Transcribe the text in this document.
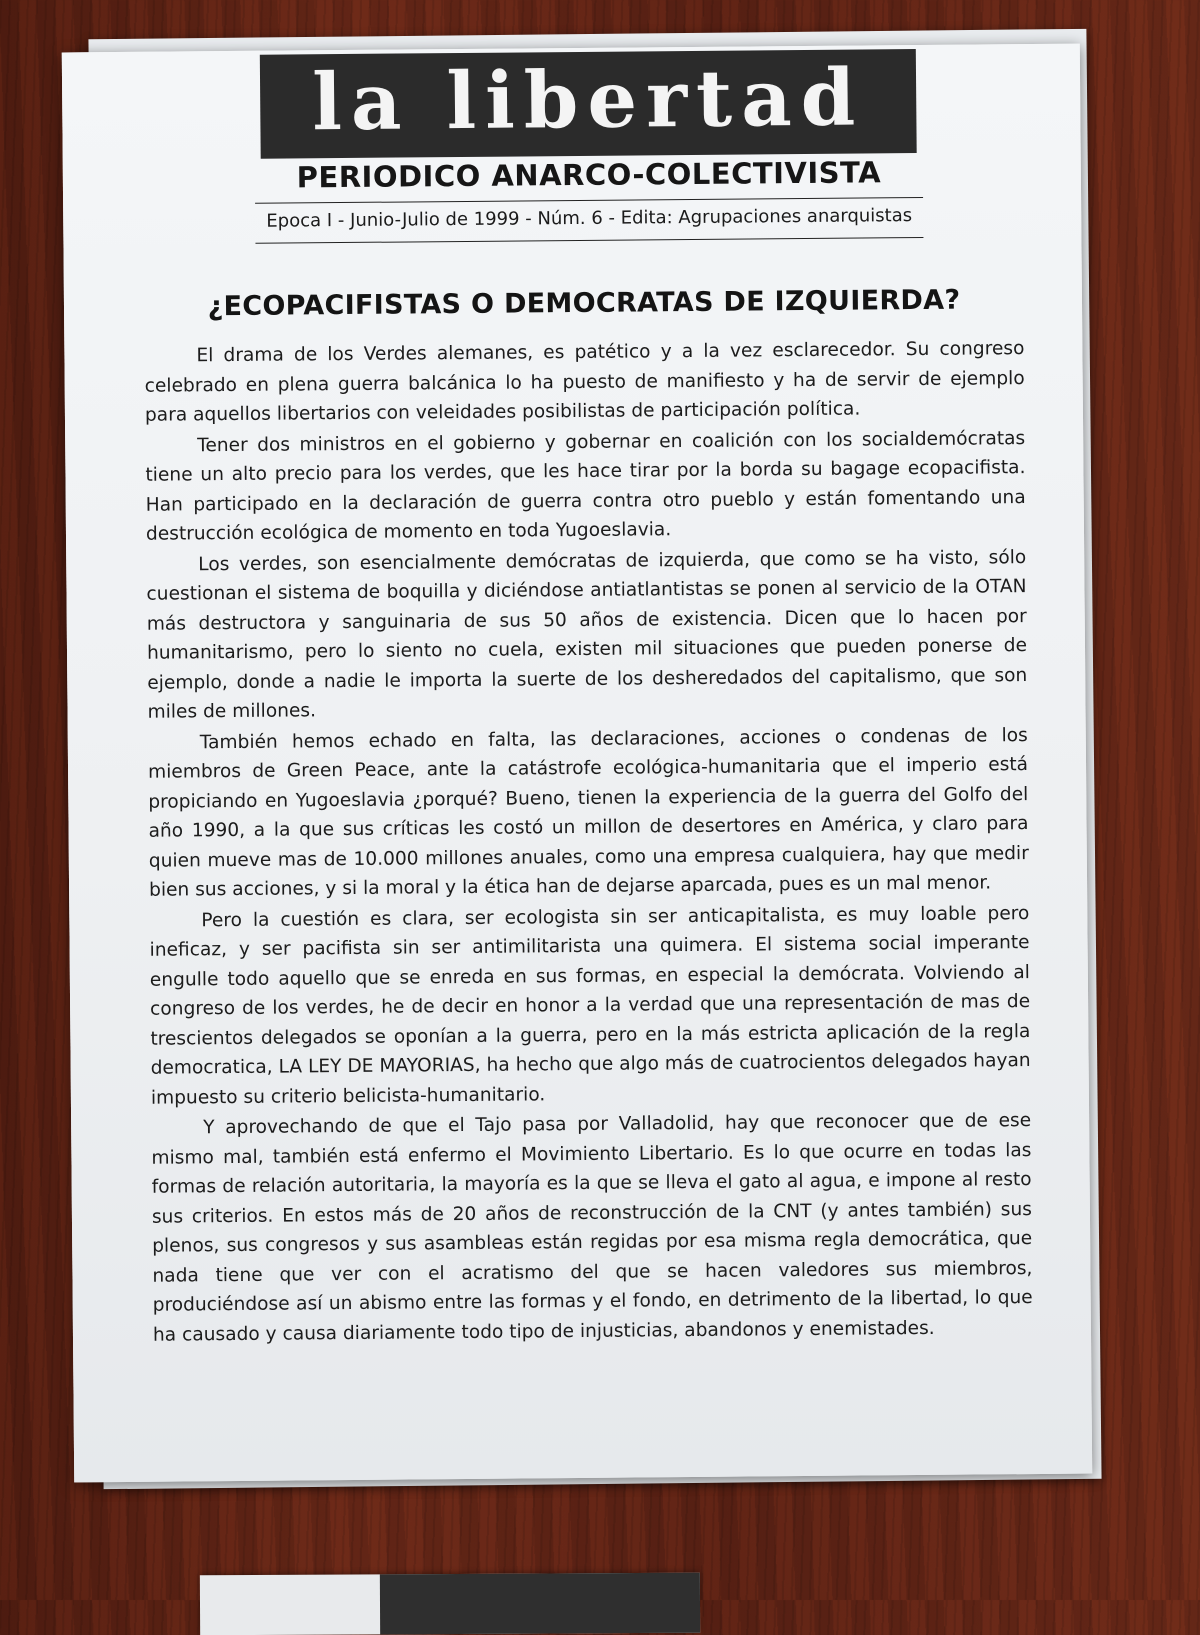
la libertad
PERIODICO ANARCO-COLECTIVISTA
Epoca I - Junio-Julio de 1999 - Núm. 6 - Edita: Agrupaciones anarquistas
¿ECOPACIFISTAS O DEMOCRATAS DE IZQUIERDA?

El drama de los Verdes alemanes, es patético y a la vez esclarecedor. Su congreso celebrado en plena guerra balcánica lo ha puesto de manifiesto y ha de servir de ejemplo para aquellos libertarios con veleidades posibilistas de participación política.

Tener dos ministros en el gobierno y gobernar en coalición con los socialdemócratas tiene un alto precio para los verdes, que les hace tirar por la borda su bagage ecopacifista. Han participado en la declaración de guerra contra otro pueblo y están fomentando una destrucción ecológica de momento en toda Yugoeslavia.

Los verdes, son esencialmente demócratas de izquierda, que como se ha visto, sólo cuestionan el sistema de boquilla y diciéndose antiatlantistas se ponen al servicio de la OTAN más destructora y sanguinaria de sus 50 años de existencia. Dicen que lo hacen por humanitarismo, pero lo siento no cuela, existen mil situaciones que pueden ponerse de ejemplo, donde a nadie le importa la suerte de los desheredados del capitalismo, que son miles de millones.

También hemos echado en falta, las declaraciones, acciones o condenas de los miembros de Green Peace, ante la catástrofe ecológica-humanitaria que el imperio está propiciando en Yugoeslavia ¿porqué? Bueno, tienen la experiencia de la guerra del Golfo del año 1990, a la que sus críticas les costó un millon de desertores en América, y claro para quien mueve mas de 10.000 millones anuales, como una empresa cualquiera, hay que medir bien sus acciones, y si la moral y la ética han de dejarse aparcada, pues es un mal menor.

Pero la cuestión es clara, ser ecologista sin ser anticapitalista, es muy loable pero ineficaz, y ser pacifista sin ser antimilitarista una quimera. El sistema social imperante engulle todo aquello que se enreda en sus formas, en especial la demócrata. Volviendo al congreso de los verdes, he de decir en honor a la verdad que una representación de mas de trescientos delegados se oponían a la guerra, pero en la más estricta aplicación de la regla democratica, LA LEY DE MAYORIAS, ha hecho que algo más de cuatrocientos delegados hayan impuesto su criterio belicista-humanitario.

Y aprovechando de que el Tajo pasa por Valladolid, hay que reconocer que de ese mismo mal, también está enfermo el Movimiento Libertario. Es lo que ocurre en todas las formas de relación autoritaria, la mayoría es la que se lleva el gato al agua, e impone al resto sus criterios. En estos más de 20 años de reconstrucción de la CNT (y antes también) sus plenos, sus congresos y sus asambleas están regidas por esa misma regla democrática, que nada tiene que ver con el acratismo del que se hacen valedores sus miembros, produciéndose así un abismo entre las formas y el fondo, en detrimento de la libertad, lo que ha causado y causa diariamente todo tipo de injusticias, abandonos y enemistades.
